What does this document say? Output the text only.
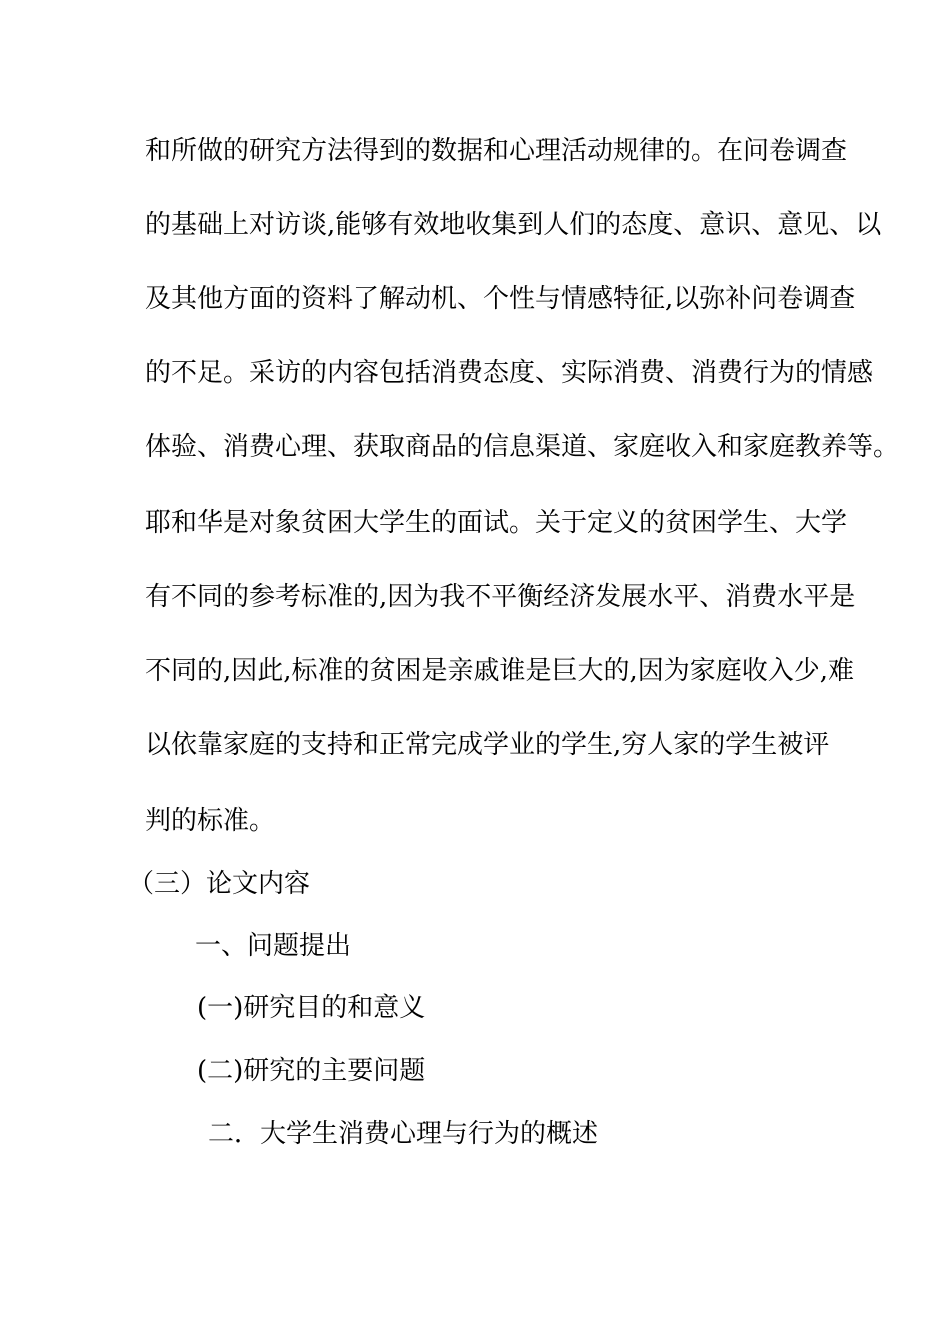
和所做的研究方法得到的数据和心理活动规律的。在问卷调查
的基础上对访谈,能够有效地收集到人们的态度、意识、意见、以
及其他方面的资料了解动机、个性与情感特征,以弥补问卷调查
的不足。采访的内容包括消费态度、实际消费、消费行为的情感
体验、消费心理、获取商品的信息渠道、家庭收入和家庭教养等。
耶和华是对象贫困大学生的面试。关于定义的贫困学生、大学
有不同的参考标准的,因为我不平衡经济发展水平、消费水平是
不同的,因此,标准的贫困是亲戚谁是巨大的,因为家庭收入少,难
以依靠家庭的支持和正常完成学业的学生,穷人家的学生被评
判的标准。
（三）论文内容
一、问题提出
(一)研究目的和意义
(二)研究的主要问题
二．大学生消费心理与行为的概述
